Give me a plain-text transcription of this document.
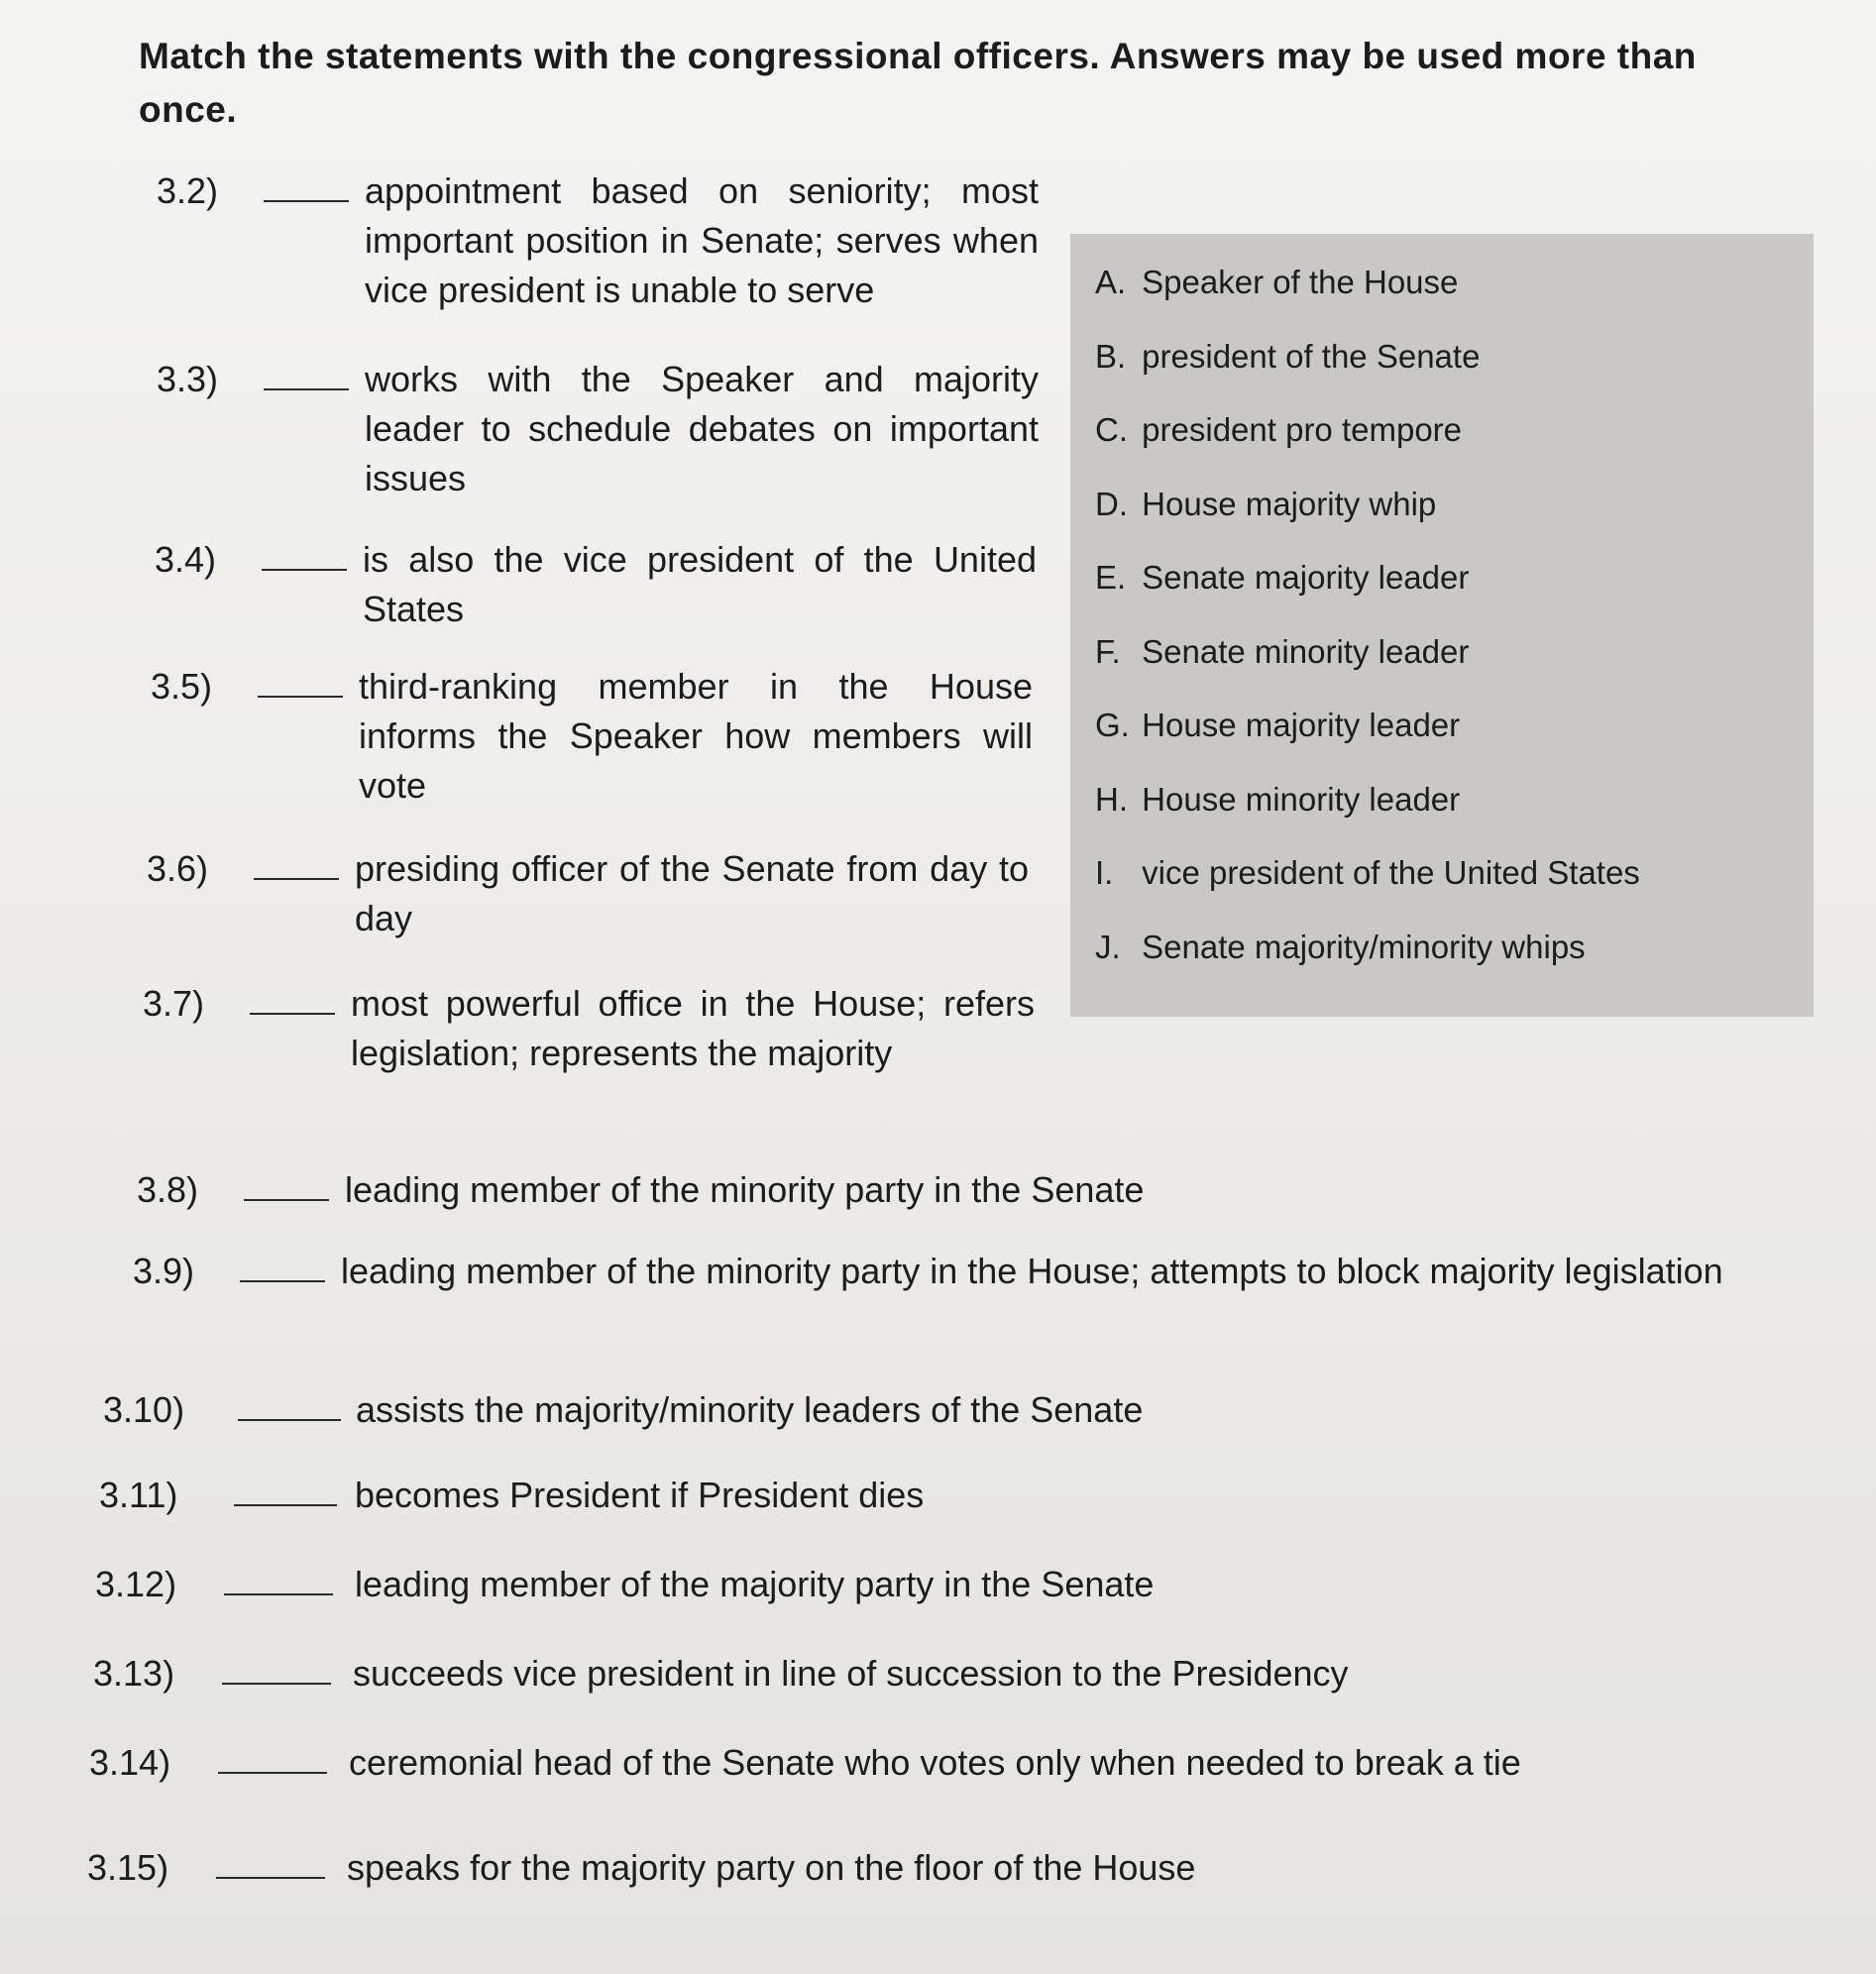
Match the statements with the congressional officers. Answers may be used more than once.
A. Speaker of the House
B. president of the Senate
C. president pro tempore
D. House majority whip
E. Senate majority leader
F. Senate minority leader
G. House majority leader
H. House minority leader
I. vice president of the United States
J. Senate majority/minority whips
3.2)	appointment based on seniority; most important position in Senate; serves when vice president is unable to serve
3.3)	works with the Speaker and majority leader to schedule debates on important issues
3.4)	is also the vice president of the United States
3.5)	third-ranking member in the House informs the Speaker how members will vote
3.6)	presiding officer of the Senate from day to day
3.7)	most powerful office in the House; refers legislation; represents the majority
3.8)	leading member of the minority party in the Senate
3.9)	leading member of the minority party in the House; attempts to block majority legislation
3.10)	assists the majority/minority leaders of the Senate
3.11)	becomes President if President dies
3.12)	leading member of the majority party in the Senate
3.13)	succeeds vice president in line of succession to the Presidency
3.14)	ceremonial head of the Senate who votes only when needed to break a tie
3.15)	speaks for the majority party on the floor of the House
